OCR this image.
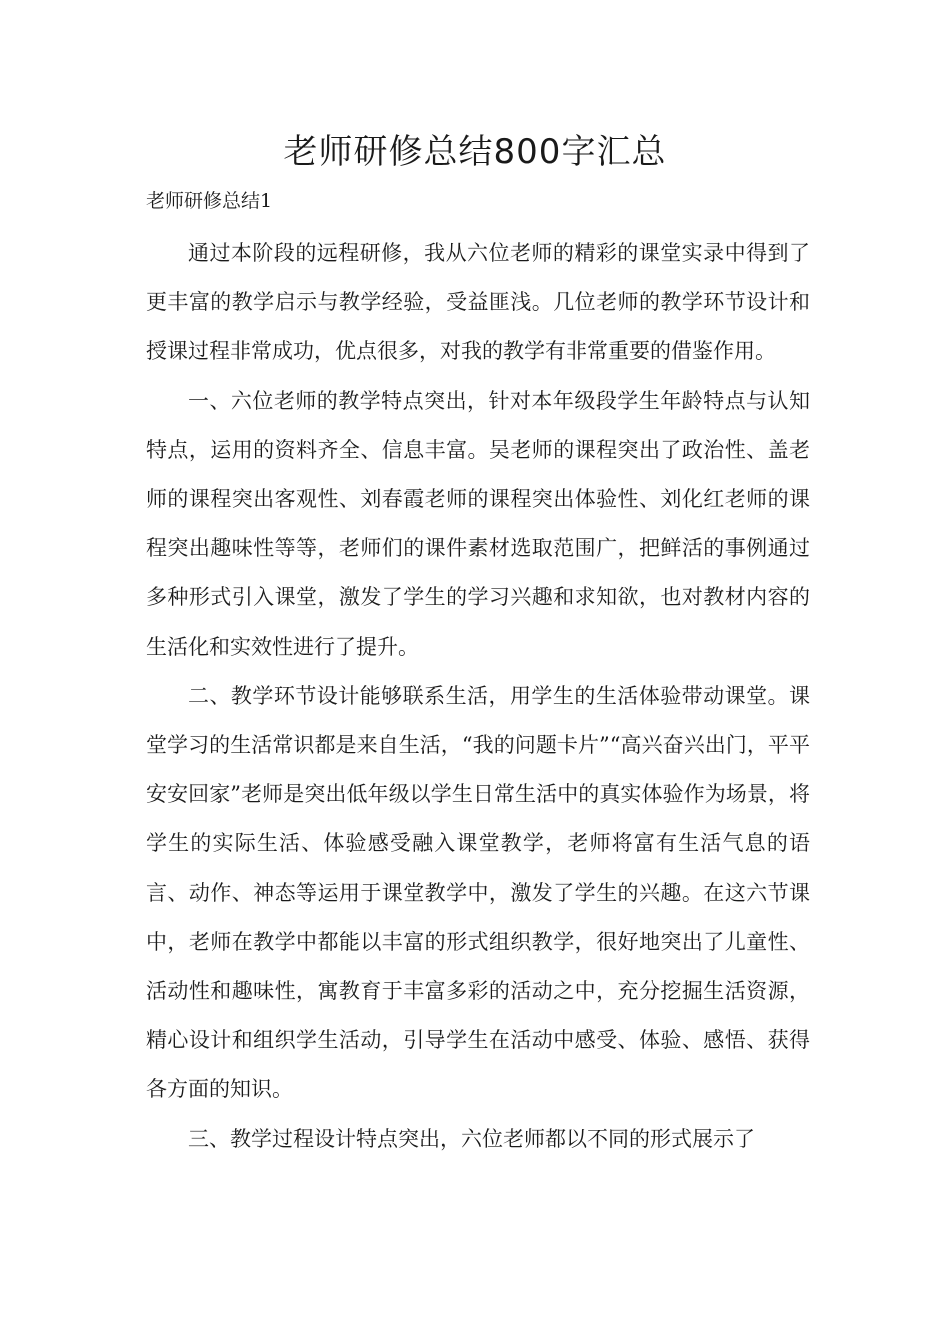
老师研修总结800字汇总
老师研修总结1

通过本阶段的远程研修，我从六位老师的精彩的课堂实录中得到了更丰富的教学启示与教学经验，受益匪浅。几位老师的教学环节设计和授课过程非常成功，优点很多，对我的教学有非常重要的借鉴作用。

一、六位老师的教学特点突出，针对本年级段学生年龄特点与认知特点，运用的资料齐全、信息丰富。吴老师的课程突出了政治性、盖老师的课程突出客观性、刘春霞老师的课程突出体验性、刘化红老师的课程突出趣味性等等，老师们的课件素材选取范围广，把鲜活的事例通过多种形式引入课堂，激发了学生的学习兴趣和求知欲，也对教材内容的生活化和实效性进行了提升。

二、教学环节设计能够联系生活，用学生的生活体验带动课堂。课堂学习的生活常识都是来自生活，“我的问题卡片”“高兴奋兴出门，平平安安回家”老师是突出低年级以学生日常生活中的真实体验作为场景，将学生的实际生活、体验感受融入课堂教学，老师将富有生活气息的语言、动作、神态等运用于课堂教学中，激发了学生的兴趣。在这六节课中，老师在教学中都能以丰富的形式组织教学，很好地突出了儿童性、活动性和趣味性，寓教育于丰富多彩的活动之中，充分挖掘生活资源，精心设计和组织学生活动，引导学生在活动中感受、体验、感悟、获得各方面的知识。

三、教学过程设计特点突出，六位老师都以不同的形式展示了
